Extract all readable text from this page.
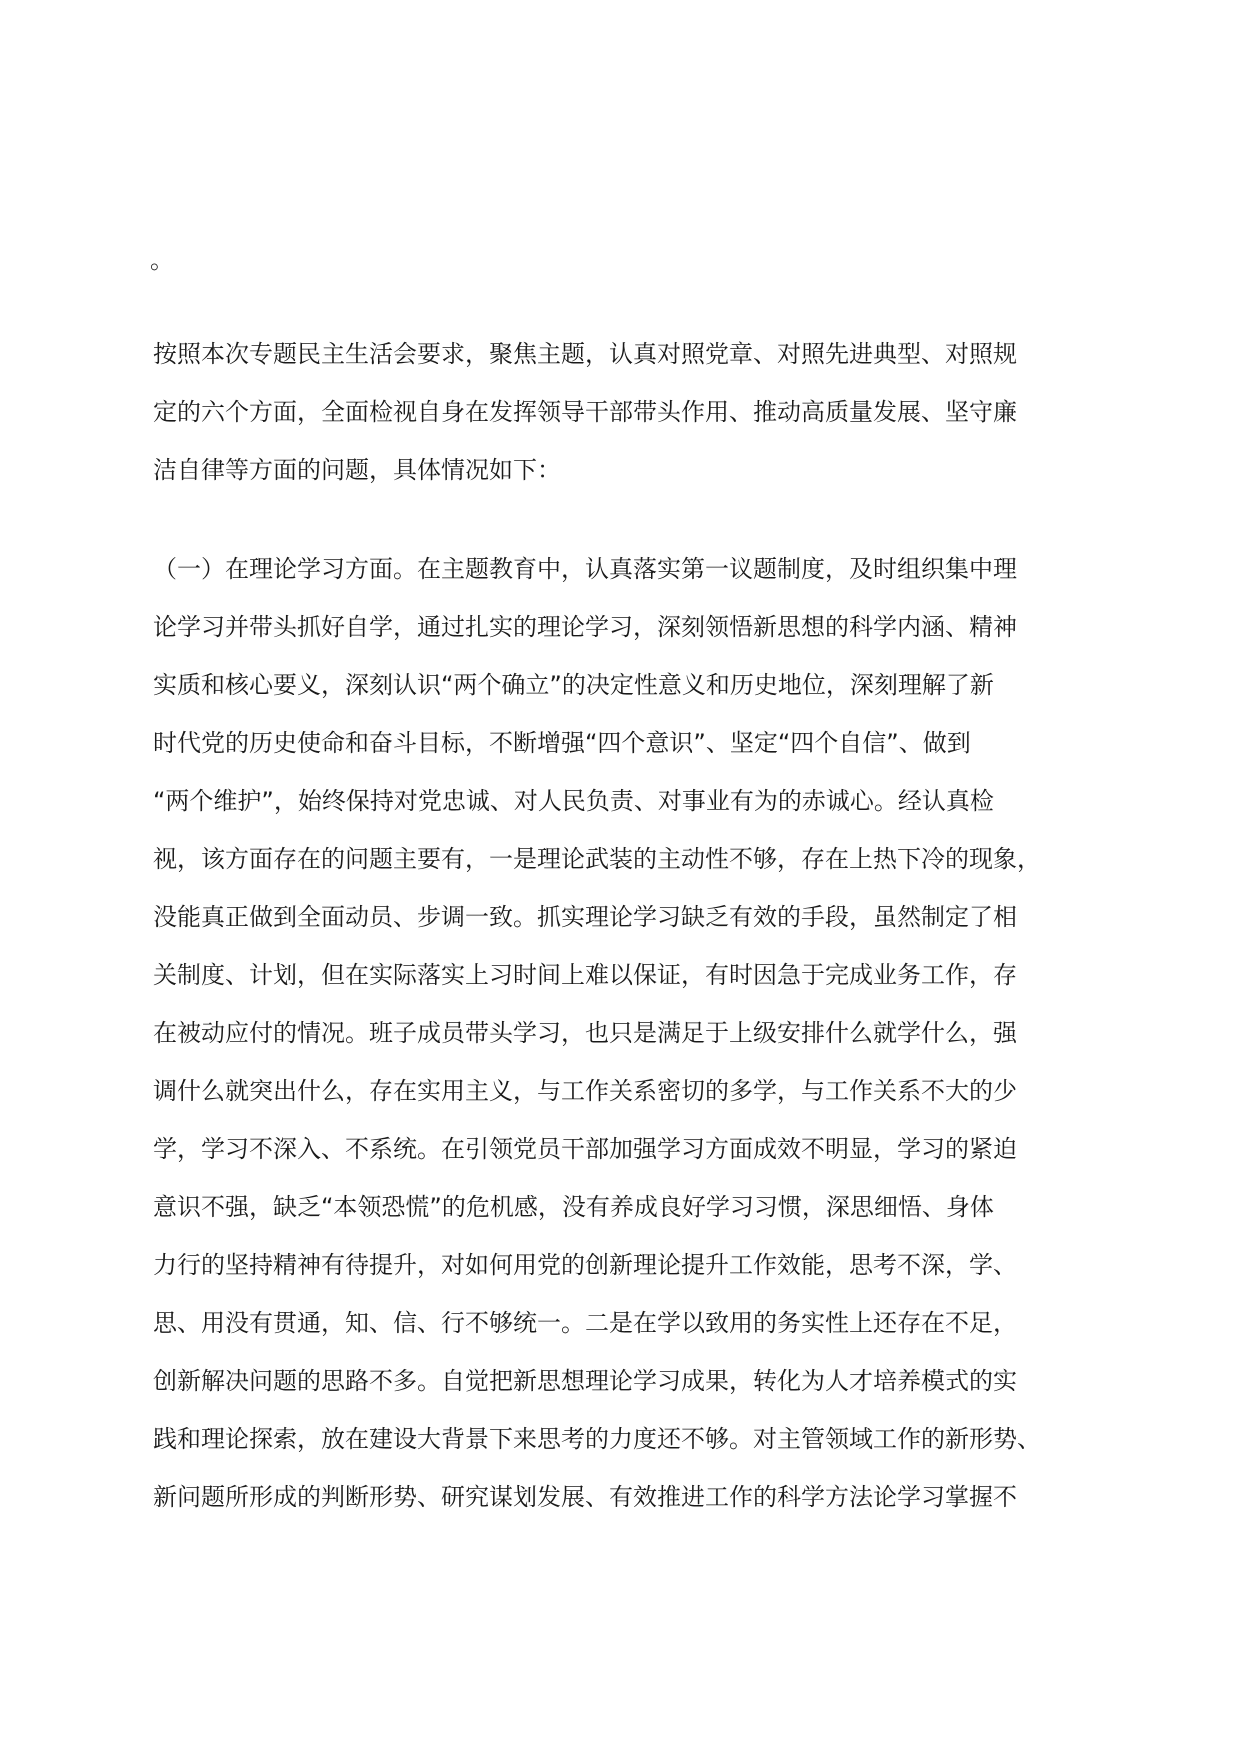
。

按照本次专题民主生活会要求，聚焦主题，认真对照党章、对照先进典型、对照规
定的六个方面，全面检视自身在发挥领导干部带头作用、推动高质量发展、坚守廉
洁自律等方面的问题，具体情况如下：
（一）在理论学习方面。在主题教育中，认真落实第一议题制度，及时组织集中理
论学习并带头抓好自学，通过扎实的理论学习，深刻领悟新思想的科学内涵、精神
实质和核心要义，深刻认识“两个确立”的决定性意义和历史地位，深刻理解了新
时代党的历史使命和奋斗目标，不断增强“四个意识”、坚定“四个自信”、做到
“两个维护”，始终保持对党忠诚、对人民负责、对事业有为的赤诚心。经认真检
视，该方面存在的问题主要有，一是理论武装的主动性不够，存在上热下冷的现象，
没能真正做到全面动员、步调一致。抓实理论学习缺乏有效的手段，虽然制定了相
关制度、计划，但在实际落实上习时间上难以保证，有时因急于完成业务工作，存
在被动应付的情况。班子成员带头学习，也只是满足于上级安排什么就学什么，强
调什么就突出什么，存在实用主义，与工作关系密切的多学，与工作关系不大的少
学，学习不深入、不系统。在引领党员干部加强学习方面成效不明显，学习的紧迫
意识不强，缺乏“本领恐慌”的危机感，没有养成良好学习习惯，深思细悟、身体
力行的坚持精神有待提升，对如何用党的创新理论提升工作效能，思考不深，学、
思、用没有贯通，知、信、行不够统一。二是在学以致用的务实性上还存在不足，
创新解决问题的思路不多。自觉把新思想理论学习成果，转化为人才培养模式的实
践和理论探索，放在建设大背景下来思考的力度还不够。对主管领域工作的新形势、
新问题所形成的判断形势、研究谋划发展、有效推进工作的科学方法论学习掌握不
